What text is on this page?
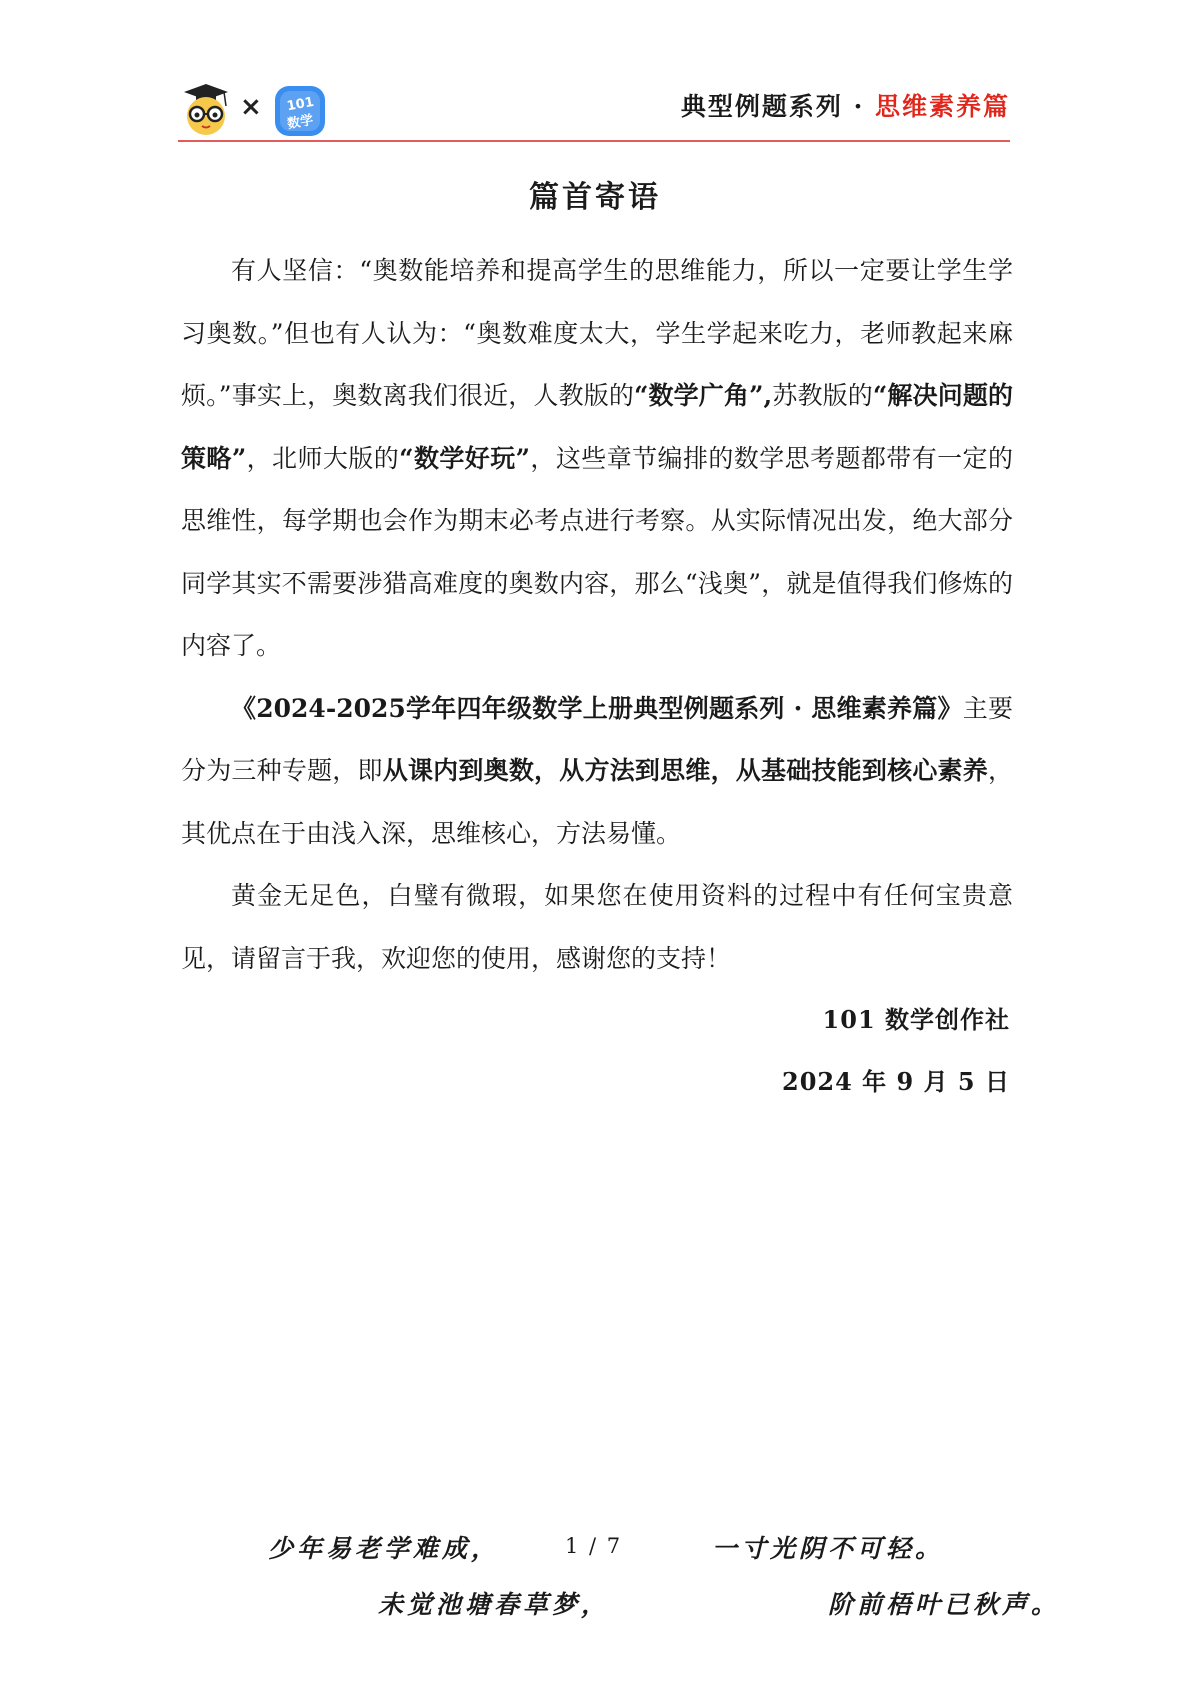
× 101
数学
典型例题系列 · 思维素养篇
篇首寄语

有人坚信：“奥数能培养和提高学生的思维能力，所以一定要让学生学习奥数。”但也有人认为：“奥数难度太大，学生学起来吃力，老师教起来麻烦。”事实上，奥数离我们很近，人教版的“数学广角”,苏教版的“解决问题的策略”，北师大版的“数学好玩”，这些章节编排的数学思考题都带有一定的思维性，每学期也会作为期末必考点进行考察。从实际情况出发，绝大部分同学其实不需要涉猎高难度的奥数内容，那么“浅奥”，就是值得我们修炼的内容了。

《2024-2025学年四年级数学上册典型例题系列 · 思维素养篇》主要分为三种专题，即从课内到奥数，从方法到思维，从基础技能到核心素养，其优点在于由浅入深，思维核心，方法易懂。

黄金无足色，白璧有微瑕，如果您在使用资料的过程中有任何宝贵意见，请留言于我，欢迎您的使用，感谢您的支持！

101 数学创作社
2024 年 9 月 5 日
少年易老学难成，	1 / 7	一寸光阴不可轻。
未觉池塘春草梦，	阶前梧叶已秋声。
